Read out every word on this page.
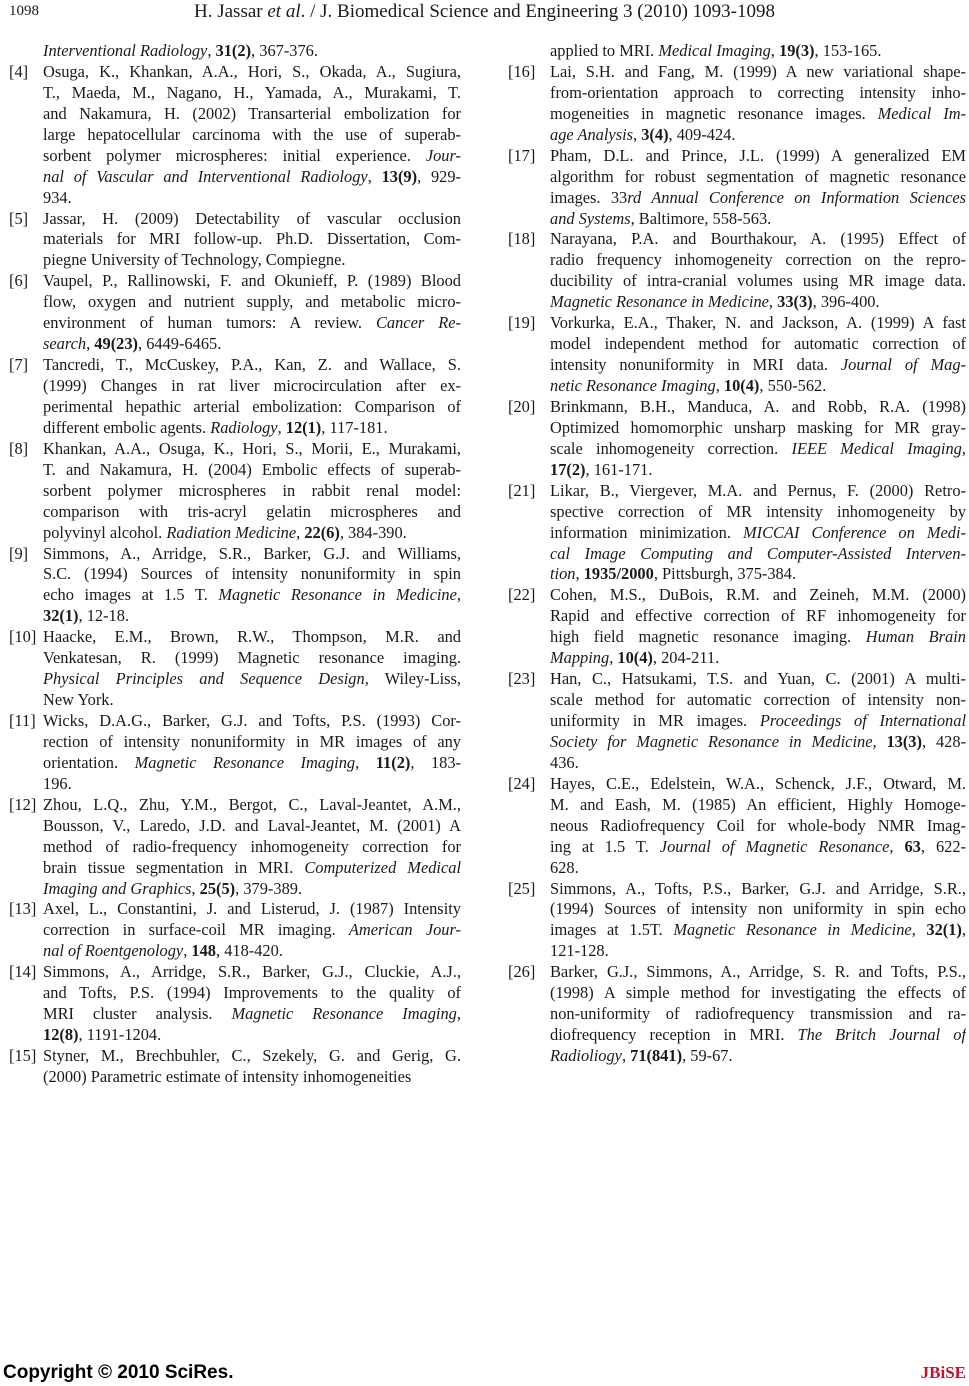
1098	H. Jassar et al. / J. Biomedical Science and Engineering 3 (2010) 1093-1098
Interventional Radiology, 31(2), 367-376.
[4] Osuga, K., Khankan, A.A., Hori, S., Okada, A., Sugiura,
T., Maeda, M., Nagano, H., Yamada, A., Murakami, T.
and Nakamura, H. (2002) Transarterial embolization for
large hepatocellular carcinoma with the use of superab-
sorbent polymer microspheres: initial experience. Jour-
nal of Vascular and Interventional Radiology, 13(9), 929-
934.
[5] Jassar, H. (2009) Detectability of vascular occlusion
materials for MRI follow-up. Ph.D. Dissertation, Com-
piegne University of Technology, Compiegne.
[6] Vaupel, P., Rallinowski, F. and Okunieff, P. (1989) Blood
flow, oxygen and nutrient supply, and metabolic micro-
environment of human tumors: A review. Cancer Re-
search, 49(23), 6449-6465.
[7] Tancredi, T., McCuskey, P.A., Kan, Z. and Wallace, S.
(1999) Changes in rat liver microcirculation after ex-
perimental hepathic arterial embolization: Comparison of
different embolic agents. Radiology, 12(1), 117-181.
[8] Khankan, A.A., Osuga, K., Hori, S., Morii, E., Murakami,
T. and Nakamura, H. (2004) Embolic effects of superab-
sorbent polymer microspheres in rabbit renal model:
comparison with tris-acryl gelatin microspheres and
polyvinyl alcohol. Radiation Medicine, 22(6), 384-390.
[9] Simmons, A., Arridge, S.R., Barker, G.J. and Williams,
S.C. (1994) Sources of intensity nonuniformity in spin
echo images at 1.5 T. Magnetic Resonance in Medicine,
32(1), 12-18.
[10] Haacke, E.M., Brown, R.W., Thompson, M.R. and
Venkatesan, R. (1999) Magnetic resonance imaging.
Physical Principles and Sequence Design, Wiley-Liss,
New York.
[11] Wicks, D.A.G., Barker, G.J. and Tofts, P.S. (1993) Cor-
rection of intensity nonuniformity in MR images of any
orientation. Magnetic Resonance Imaging, 11(2), 183-
196.
[12] Zhou, L.Q., Zhu, Y.M., Bergot, C., Laval-Jeantet, A.M.,
Bousson, V., Laredo, J.D. and Laval-Jeantet, M. (2001) A
method of radio-frequency inhomogeneity correction for
brain tissue segmentation in MRI. Computerized Medical
Imaging and Graphics, 25(5), 379-389.
[13] Axel, L., Constantini, J. and Listerud, J. (1987) Intensity
correction in surface-coil MR imaging. American Jour-
nal of Roentgenology, 148, 418-420.
[14] Simmons, A., Arridge, S.R., Barker, G.J., Cluckie, A.J.,
and Tofts, P.S. (1994) Improvements to the quality of
MRI cluster analysis. Magnetic Resonance Imaging,
12(8), 1191-1204.
[15] Styner, M., Brechbuhler, C., Szekely, G. and Gerig, G.
(2000) Parametric estimate of intensity inhomogeneities
applied to MRI. Medical Imaging, 19(3), 153-165.
[16] Lai, S.H. and Fang, M. (1999) A new variational shape-
from-orientation approach to correcting intensity inho-
mogeneities in magnetic resonance images. Medical Im-
age Analysis, 3(4), 409-424.
[17] Pham, D.L. and Prince, J.L. (1999) A generalized EM
algorithm for robust segmentation of magnetic resonance
images. 33rd Annual Conference on Information Sciences
and Systems, Baltimore, 558-563.
[18] Narayana, P.A. and Bourthakour, A. (1995) Effect of
radio frequency inhomogeneity correction on the repro-
ducibility of intra-cranial volumes using MR image data.
Magnetic Resonance in Medicine, 33(3), 396-400.
[19] Vorkurka, E.A., Thaker, N. and Jackson, A. (1999) A fast
model independent method for automatic correction of
intensity nonuniformity in MRI data. Journal of Mag-
netic Resonance Imaging, 10(4), 550-562.
[20] Brinkmann, B.H., Manduca, A. and Robb, R.A. (1998)
Optimized homomorphic unsharp masking for MR gray-
scale inhomogeneity correction. IEEE Medical Imaging,
17(2), 161-171.
[21] Likar, B., Viergever, M.A. and Pernus, F. (2000) Retro-
spective correction of MR intensity inhomogeneity by
information minimization. MICCAI Conference on Medi-
cal Image Computing and Computer-Assisted Interven-
tion, 1935/2000, Pittsburgh, 375-384.
[22] Cohen, M.S., DuBois, R.M. and Zeineh, M.M. (2000)
Rapid and effective correction of RF inhomogeneity for
high field magnetic resonance imaging. Human Brain
Mapping, 10(4), 204-211.
[23] Han, C., Hatsukami, T.S. and Yuan, C. (2001) A multi-
scale method for automatic correction of intensity non-
uniformity in MR images. Proceedings of International
Society for Magnetic Resonance in Medicine, 13(3), 428-
436.
[24] Hayes, C.E., Edelstein, W.A., Schenck, J.F., Otward, M.
M. and Eash, M. (1985) An efficient, Highly Homoge-
neous Radiofrequency Coil for whole-body NMR Imag-
ing at 1.5 T. Journal of Magnetic Resonance, 63, 622-
628.
[25] Simmons, A., Tofts, P.S., Barker, G.J. and Arridge, S.R.,
(1994) Sources of intensity non uniformity in spin echo
images at 1.5T. Magnetic Resonance in Medicine, 32(1),
121-128.
[26] Barker, G.J., Simmons, A., Arridge, S. R. and Tofts, P.S.,
(1998) A simple method for investigating the effects of
non-uniformity of radiofrequency transmission and ra-
diofrequency reception in MRI. The Britch Journal of
Radioliogy, 71(841), 59-67.
Copyright © 2010 SciRes.	JBiSE
